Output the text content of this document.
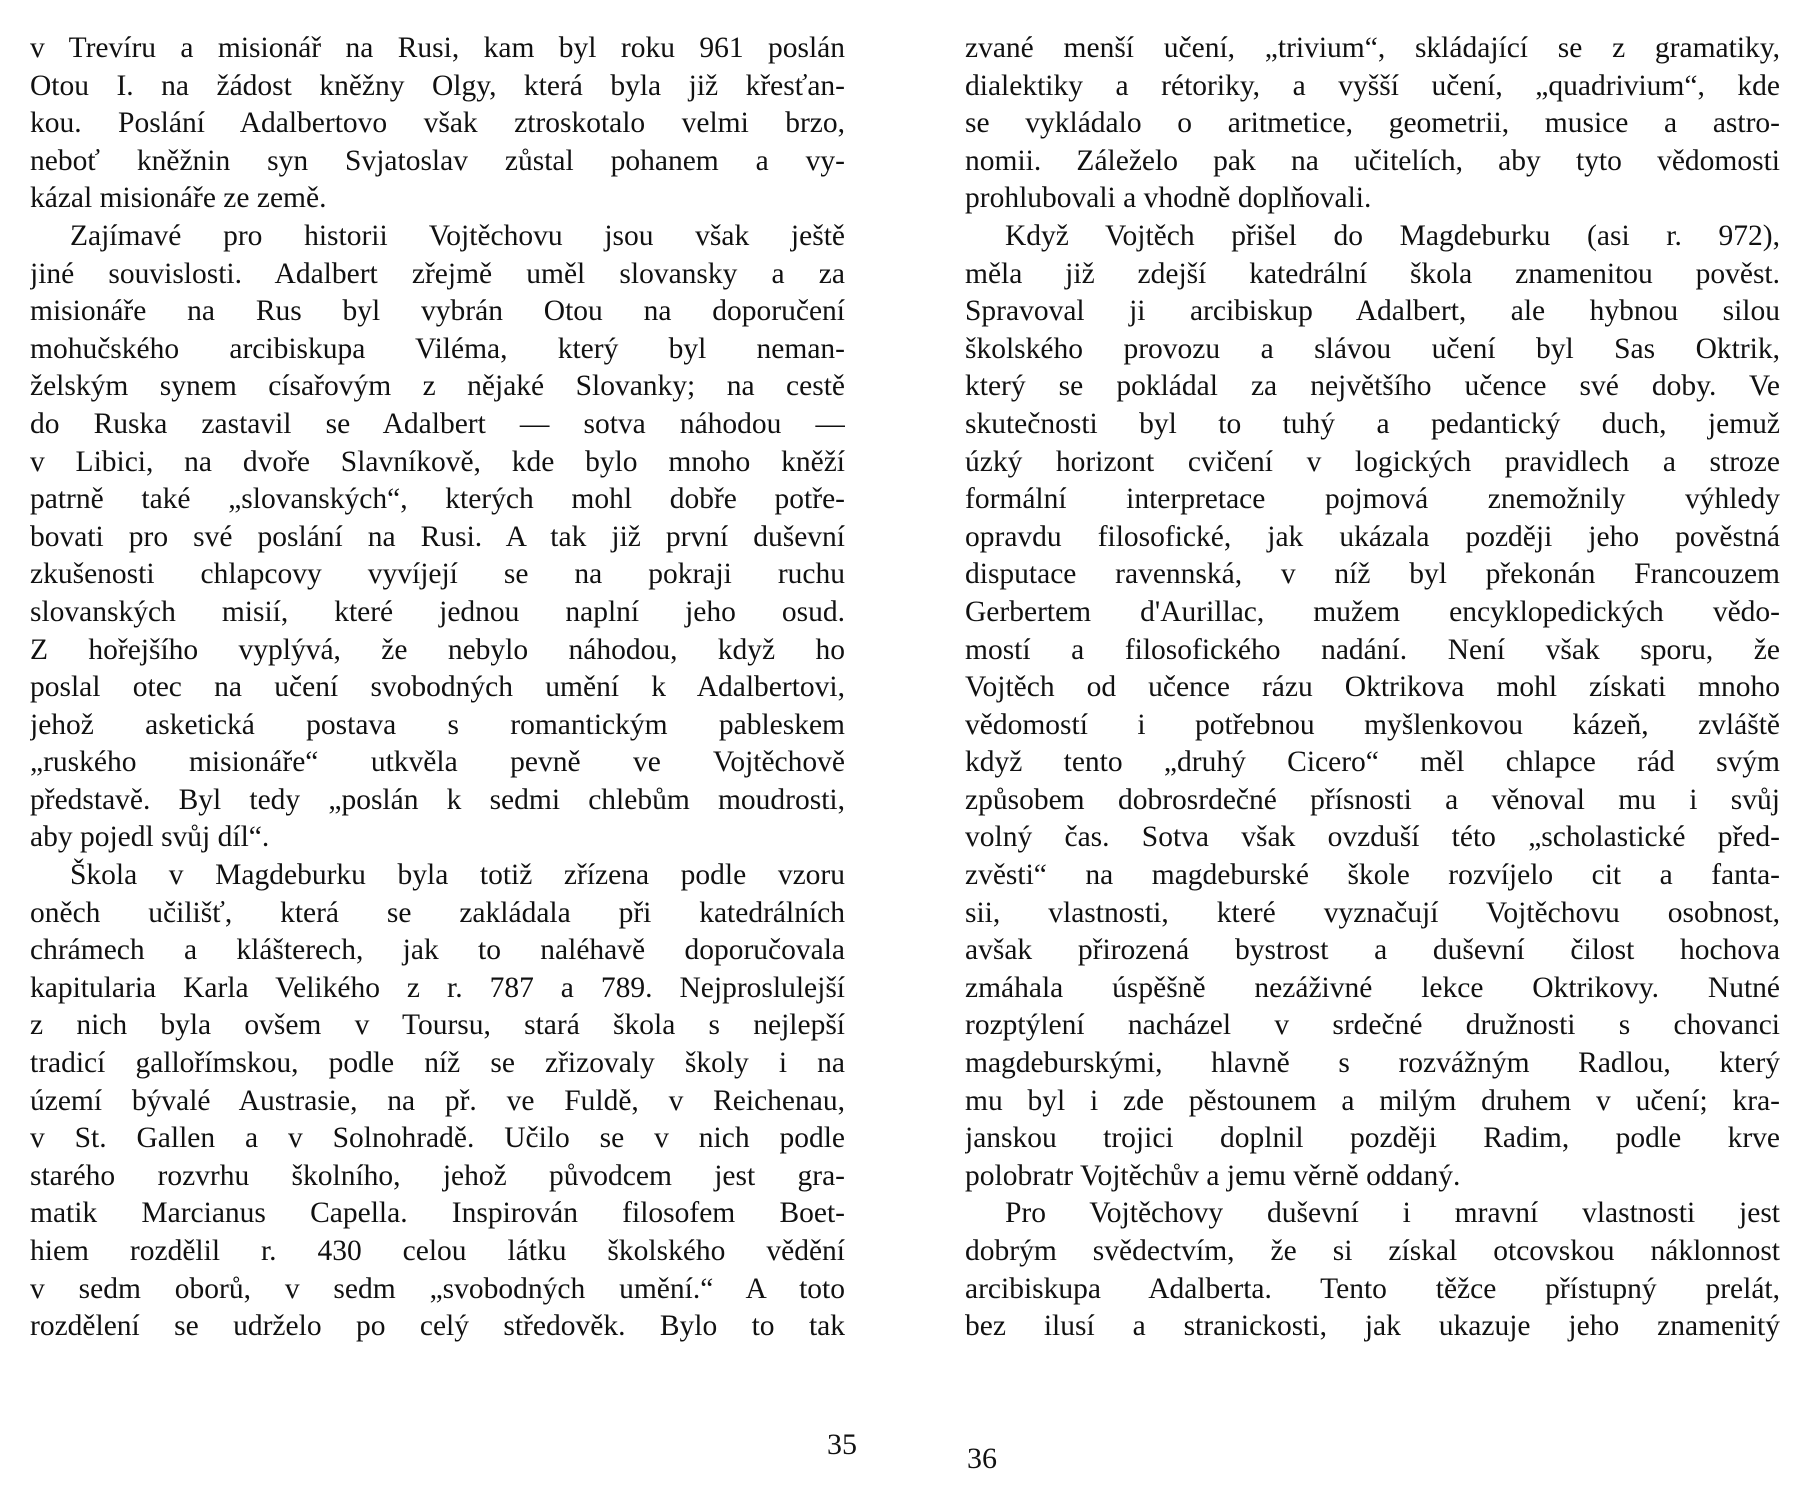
v Trevíru a misionář na Rusi, kam byl roku 961 poslán
Otou I. na žádost kněžny Olgy, která byla již křesťan-
kou. Poslání Adalbertovo však ztroskotalo velmi brzo,
neboť kněžnin syn Svjatoslav zůstal pohanem a vy-
kázal misionáře ze země.
Zajímavé pro historii Vojtěchovu jsou však ještě
jiné souvislosti. Adalbert zřejmě uměl slovansky a za
misionáře na Rus byl vybrán Otou na doporučení
mohučského arcibiskupa Viléma, který byl neman-
želským synem císařovým z nějaké Slovanky; na cestě
do Ruska zastavil se Adalbert — sotva náhodou —
v Libici, na dvoře Slavníkově, kde bylo mnoho kněží
patrně také „slovanských“, kterých mohl dobře potře-
bovati pro své poslání na Rusi. A tak již první duševní
zkušenosti chlapcovy vyvíjejí se na pokraji ruchu
slovanských misií, které jednou naplní jeho osud.
Z hořejšího vyplývá, že nebylo náhodou, když ho
poslal otec na učení svobodných umění k Adalbertovi,
jehož asketická postava s romantickým pableskem
„ruského misionáře“ utkvěla pevně ve Vojtěchově
představě. Byl tedy „poslán k sedmi chlebům moudrosti,
aby pojedl svůj díl“.
Škola v Magdeburku byla totiž zřízena podle vzoru
oněch učilišť, která se zakládala při katedrálních
chrámech a klášterech, jak to naléhavě doporučovala
kapitularia Karla Velikého z r. 787 a 789. Nejproslulejší
z nich byla ovšem v Toursu, stará škola s nejlepší
tradicí gallořímskou, podle níž se zřizovaly školy i na
území bývalé Austrasie, na př. ve Fuldě, v Reichenau,
v St. Gallen a v Solnohradě. Učilo se v nich podle
starého rozvrhu školního, jehož původcem jest gra-
matik Marcianus Capella. Inspirován filosofem Boet-
hiem rozdělil r. 430 celou látku školského vědění
v sedm oborů, v sedm „svobodných umění.“ A toto
rozdělení se udrželo po celý středověk. Bylo to tak
35
zvané menší učení, „trivium“, skládající se z gramatiky,
dialektiky a rétoriky, a vyšší učení, „quadrivium“, kde
se vykládalo o aritmetice, geometrii, musice a astro-
nomii. Záleželo pak na učitelích, aby tyto vědomosti
prohlubovali a vhodně doplňovali.
Když Vojtěch přišel do Magdeburku (asi r. 972),
měla již zdejší katedrální škola znamenitou pověst.
Spravoval ji arcibiskup Adalbert, ale hybnou silou
školského provozu a slávou učení byl Sas Oktrik,
který se pokládal za největšího učence své doby. Ve
skutečnosti byl to tuhý a pedantický duch, jemuž
úzký horizont cvičení v logických pravidlech a stroze
formální interpretace pojmová znemožnily výhledy
opravdu filosofické, jak ukázala později jeho pověstná
disputace ravennská, v níž byl překonán Francouzem
Gerbertem d'Aurillac, mužem encyklopedických vědo-
mostí a filosofického nadání. Není však sporu, že
Vojtěch od učence rázu Oktrikova mohl získati mnoho
vědomostí i potřebnou myšlenkovou kázeň, zvláště
když tento „druhý Cicero“ měl chlapce rád svým
způsobem dobrosrdečné přísnosti a věnoval mu i svůj
volný čas. Sotva však ovzduší této „scholastické před-
zvěsti“ na magdeburské škole rozvíjelo cit a fanta-
sii, vlastnosti, které vyznačují Vojtěchovu osobnost,
avšak přirozená bystrost a duševní čilost hochova
zmáhala úspěšně nezáživné lekce Oktrikovy. Nutné
rozptýlení nacházel v srdečné družnosti s chovanci
magdeburskými, hlavně s rozvážným Radlou, který
mu byl i zde pěstounem a milým druhem v učení; kra-
janskou trojici doplnil později Radim, podle krve
polobratr Vojtěchův a jemu věrně oddaný.
Pro Vojtěchovy duševní i mravní vlastnosti jest
dobrým svědectvím, že si získal otcovskou náklonnost
arcibiskupa Adalberta. Tento těžce přístupný prelát,
bez ilusí a stranickosti, jak ukazuje jeho znamenitý
36
